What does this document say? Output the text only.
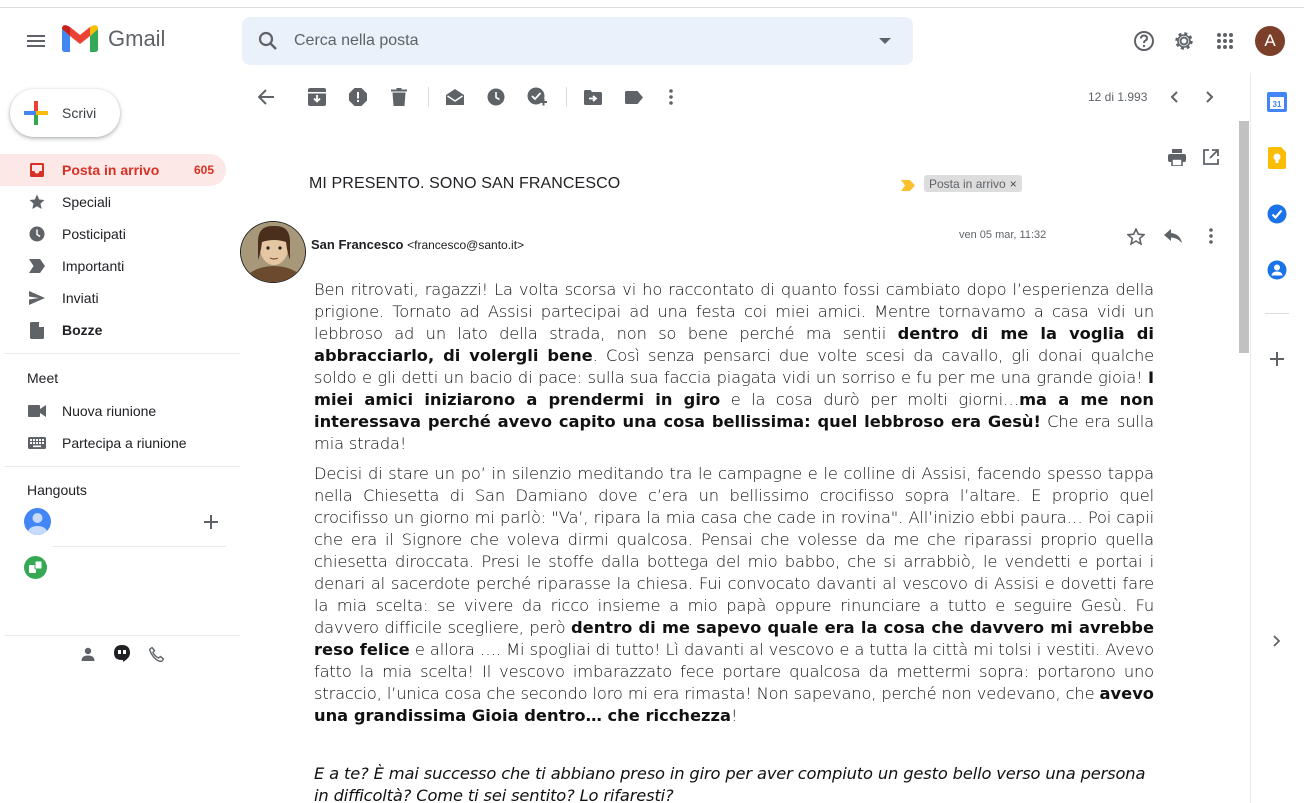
Gmail
Cerca nella posta	A
Scrivi
Posta in arrivo	605
Speciali
Posticipati
Importanti
Inviati
Bozze
Meet
Nuova riunione
Partecipa a riunione
Hangouts
12 di 1.993
MI PRESENTO. SONO SAN FRANCESCO	Posta in arrivo ×
San Francesco <francesco@santo.it>
ven 05 mar, 11:32

Ben ritrovati, ragazzi! La volta scorsa vi ho raccontato di quanto fossi cambiato dopo l’esperienza della prigione. Tornato ad Assisi partecipai ad una festa coi miei amici. Mentre tornavamo a casa vidi un lebbroso ad un lato della strada, non so bene perché ma sentii dentro di me la voglia di abbracciarlo, di volergli bene. Così senza pensarci due volte scesi da cavallo, gli donai qualche soldo e gli detti un bacio di pace: sulla sua faccia piagata vidi un sorriso e fu per me una grande gioia! I miei amici iniziarono a prendermi in giro e la cosa durò per molti giorni…ma a me non interessava perché avevo capito una cosa bellissima: quel lebbroso era Gesù! Che era sulla mia strada!

Decisi di stare un po’ in silenzio meditando tra le campagne e le colline di Assisi, facendo spesso tappa nella Chiesetta di San Damiano dove c’era un bellissimo crocifisso sopra l’altare. E proprio quel crocifisso un giorno mi parlò: "Va’, ripara la mia casa che cade in rovina". All’inizio ebbi paura… Poi capii che era il Signore che voleva dirmi qualcosa. Pensai che volesse da me che riparassi proprio quella chiesetta diroccata. Presi le stoffe dalla bottega del mio babbo, che si arrabbiò, le vendetti e portai i denari al sacerdote perché riparasse la chiesa. Fui convocato davanti al vescovo di Assisi e dovetti fare la mia scelta: se vivere da ricco insieme a mio papà oppure rinunciare a tutto e seguire Gesù. Fu davvero difficile scegliere, però dentro di me sapevo quale era la cosa che davvero mi avrebbe reso felice e allora …. Mi spogliai di tutto! Lì davanti al vescovo e a tutta la città mi tolsi i vestiti. Avevo fatto la mia scelta! Il vescovo imbarazzato fece portare qualcosa da mettermi sopra: portarono uno straccio, l’unica cosa che secondo loro mi era rimasta! Non sapevano, perché non vedevano, che avevo una grandissima Gioia dentro… che ricchezza!

E a te? È mai successo che ti abbiano preso in giro per aver compiuto un gesto bello verso una persona in difficoltà? Come ti sei sentito? Lo rifaresti?

31
